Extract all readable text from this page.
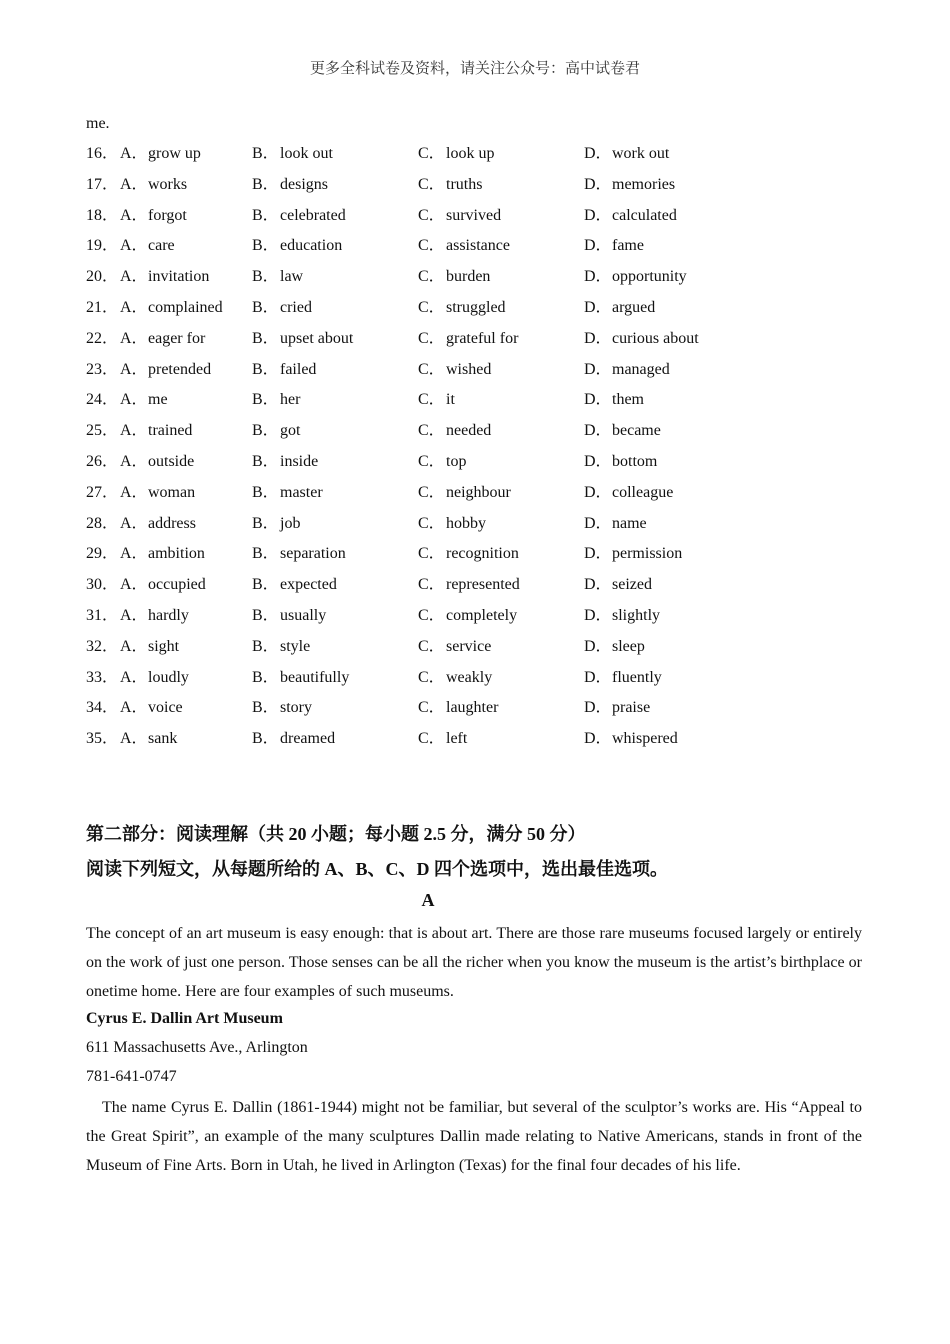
更多全科试卷及资料，请关注公众号：高中试卷君
me.
16． A．grow up	B．look out	C．look up	D．work out
17． A．works	B．designs	C．truths	D．memories
18． A．forgot	B．celebrated	C．survived	D．calculated
19． A．care	B．education	C．assistance	D．fame
20． A．invitation	B．law	C．burden	D．opportunity
21． A．complained B．cried	C．struggled	D．argued
22． A．eager for	B．upset about	C．grateful for	D．curious about
23． A．pretended	B．failed	C．wished	D．managed
24． A．me	B．her	C．it	D．them
25． A．trained	B．got	C．needed	D．became
26． A．outside	B．inside	C．top	D．bottom
27． A．woman	B．master	C．neighbour	D．colleague
28． A．address	B．job	C．hobby	D．name
29． A．ambition	B．separation	C．recognition	D．permission
30． A．occupied	B．expected	C．represented	D．seized
31． A．hardly	B．usually	C．completely	D．slightly
32． A．sight	B．style	C．service	D．sleep
33． A．loudly	B．beautifully	C．weakly	D．fluently
34． A．voice	B．story	C．laughter	D．praise
35． A．sank	B．dreamed	C．left	D．whispered
第二部分：阅读理解（共 20 小题；每小题 2.5 分，满分 50 分）
阅读下列短文，从每题所给的 A、B、C、D 四个选项中，选出最佳选项。
A
The concept of an art museum is easy enough: that is about art. There are those rare museums focused largely or entirely on the work of just one person. Those senses can be all the richer when you know the museum is the artist’s birthplace or onetime home. Here are four examples of such museums.
Cyrus E. Dallin Art Museum
611 Massachusetts Ave., Arlington
781-641-0747
The name Cyrus E. Dallin (1861-1944) might not be familiar, but several of the sculptor’s works are. His “Appeal to the Great Spirit”, an example of the many sculptures Dallin made relating to Native Americans, stands in front of the Museum of Fine Arts. Born in Utah, he lived in Arlington (Texas) for the final four decades of his life.
